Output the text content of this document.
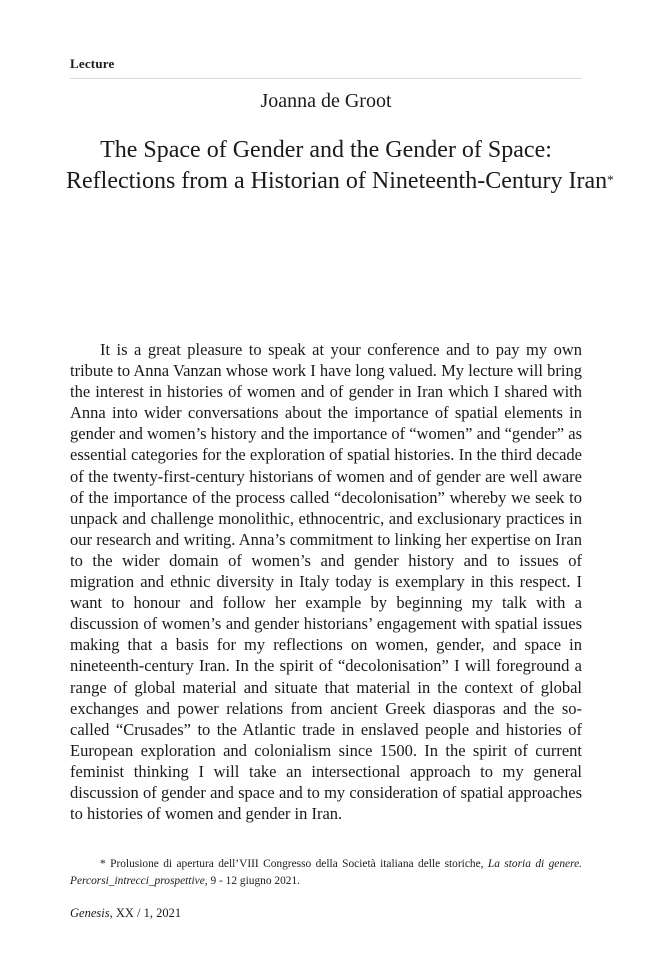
Lecture
Joanna de Groot
The Space of Gender and the Gender of Space:
Reflections from a Historian of Nineteenth-Century Iran*

It is a great pleasure to speak at your conference and to pay my own tribute to Anna Vanzan whose work I have long valued. My lecture will bring the interest in histories of women and of gender in Iran which I shared with Anna into wider conversations about the importance of spatial elements in gender and women’s history and the importance of “women” and “gender” as essential categories for the exploration of spatial histories. In the third decade of the twenty-first-century historians of women and of gender are well aware of the importance of the process called “decolonisation” whereby we seek to unpack and challenge monolithic, ethnocentric, and exclusionary practices in our research and writing. Anna’s commitment to linking her expertise on Iran to the wider domain of women’s and gender history and to issues of migration and ethnic diversity in Italy today is exemplary in this respect. I want to honour and follow her example by beginning my talk with a discussion of women’s and gender historians’ engagement with spatial issues making that a basis for my reflections on women, gender, and space in nineteenth-century Iran. In the spirit of “decolonisation” I will foreground a range of global material and situate that material in the context of global exchanges and power relations from ancient Greek diasporas and the so-called “Crusades” to the Atlantic trade in enslaved people and histories of European exploration and colonialism since 1500. In the spirit of current feminist thinking I will take an intersectional approach to my general discussion of gender and space and to my consideration of spatial approaches to histories of women and gender in Iran.

* Prolusione di apertura dell’VIII Congresso della Società italiana delle storiche, La storia di genere. Percorsi_intrecci_prospettive, 9 - 12 giugno 2021.

Genesis, XX / 1, 2021
